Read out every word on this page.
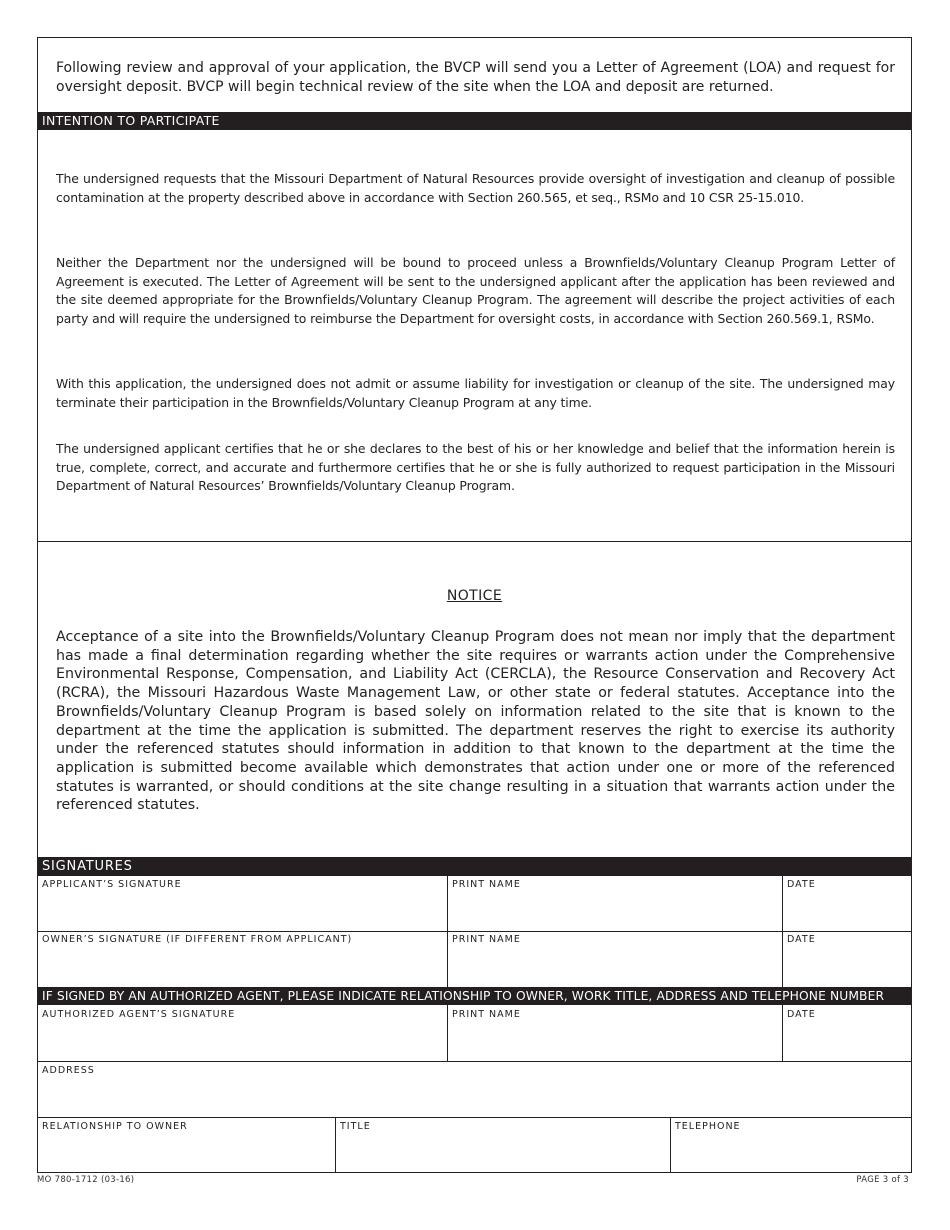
Following review and approval of your application, the BVCP will send you a Letter of Agreement (LOA) and request for oversight deposit. BVCP will begin technical review of the site when the LOA and deposit are returned.
INTENTION TO PARTICIPATE
The undersigned requests that the Missouri Department of Natural Resources provide oversight of investigation and cleanup of possible contamination at the property described above in accordance with Section 260.565, et seq., RSMo and 10 CSR 25-15.010.
Neither the Department nor the undersigned will be bound to proceed unless a Brownfields/Voluntary Cleanup Program Letter of Agreement is executed. The Letter of Agreement will be sent to the undersigned applicant after the application has been reviewed and the site deemed appropriate for the Brownfields/Voluntary Cleanup Program. The agreement will describe the project activities of each party and will require the undersigned to reimburse the Department for oversight costs, in accordance with Section 260.569.1, RSMo.
With this application, the undersigned does not admit or assume liability for investigation or cleanup of the site. The undersigned may terminate their participation in the Brownfields/Voluntary Cleanup Program at any time.
The undersigned applicant certifies that he or she declares to the best of his or her knowledge and belief that the information herein is true, complete, correct, and accurate and furthermore certifies that he or she is fully authorized to request participation in the Missouri Department of Natural Resources’ Brownfields/Voluntary Cleanup Program.
NOTICE
Acceptance of a site into the Brownfields/Voluntary Cleanup Program does not mean nor imply that the department has made a final determination regarding whether the site requires or warrants action under the Comprehensive Environmental Response, Compensation, and Liability Act (CERCLA), the Resource Conservation and Recovery Act (RCRA), the Missouri Hazardous Waste Management Law, or other state or federal statutes. Acceptance into the Brownfields/Voluntary Cleanup Program is based solely on information related to the site that is known to the department at the time the application is submitted. The department reserves the right to exercise its authority under the referenced statutes should information in addition to that known to the department at the time the application is submitted become available which demonstrates that action under one or more of the referenced statutes is warranted, or should conditions at the site change resulting in a situation that warrants action under the referenced statutes.
SIGNATURES
APPLICANT’S SIGNATURE	PRINT NAME	DATE
OWNER’S SIGNATURE (IF DIFFERENT FROM APPLICANT)	PRINT NAME	DATE
IF SIGNED BY AN AUTHORIZED AGENT, PLEASE INDICATE RELATIONSHIP TO OWNER, WORK TITLE, ADDRESS AND TELEPHONE NUMBER
AUTHORIZED AGENT’S SIGNATURE	PRINT NAME	DATE
ADDRESS
RELATIONSHIP TO OWNER	TITLE	TELEPHONE
MO 780-1712 (03-16)	PAGE 3 of 3
